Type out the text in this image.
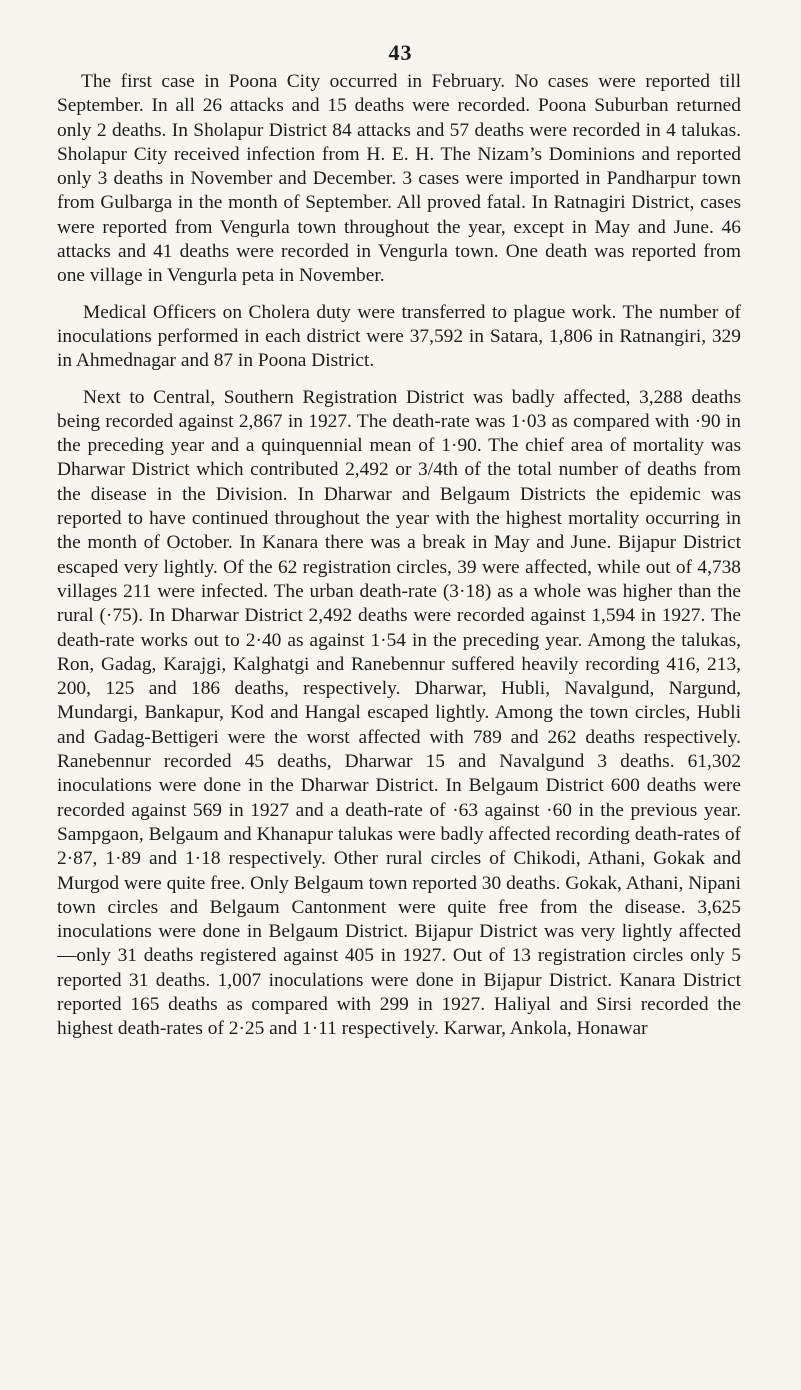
43

The first case in Poona City occurred in February. No cases were reported till September. In all 26 attacks and 15 deaths were recorded. Poona Suburban returned only 2 deaths. In Sholapur District 84 attacks and 57 deaths were recorded in 4 talukas. Sholapur City received infection from H. E. H. The Nizam’s Dominions and reported only 3 deaths in November and December. 3 cases were imported in Pandharpur town from Gulbarga in the month of September. All proved fatal. In Ratnagiri District, cases were reported from Vengurla town throughout the year, except in May and June. 46 attacks and 41 deaths were recorded in Vengurla town. One death was reported from one village in Vengurla peta in November.

Medical Officers on Cholera duty were transferred to plague work. The number of inoculations performed in each district were 37,592 in Satara, 1,806 in Ratnangiri, 329 in Ahmednagar and 87 in Poona District.

Next to Central, Southern Registration District was badly affected, 3,288 deaths being recorded against 2,867 in 1927. The death-rate was 1·03 as compared with ·90 in the preceding year and a quinquennial mean of 1·90. The chief area of mortality was Dharwar District which contributed 2,492 or 3/4th of the total number of deaths from the disease in the Division. In Dharwar and Belgaum Districts the epidemic was reported to have continued throughout the year with the highest mortality occurring in the month of October. In Kanara there was a break in May and June. Bijapur District escaped very lightly. Of the 62 registration circles, 39 were affected, while out of 4,738 villages 211 were infected. The urban death-rate (3·18) as a whole was higher than the rural (·75). In Dharwar District 2,492 deaths were recorded against 1,594 in 1927. The death-rate works out to 2·40 as against 1·54 in the preceding year. Among the talukas, Ron, Gadag, Karajgi, Kalghatgi and Ranebennur suffered heavily recording 416, 213, 200, 125 and 186 deaths, respectively. Dharwar, Hubli, Navalgund, Nargund, Mundargi, Bankapur, Kod and Hangal escaped lightly. Among the town circles, Hubli and Gadag-Bettigeri were the worst affected with 789 and 262 deaths respectively. Ranebennur recorded 45 deaths, Dharwar 15 and Navalgund 3 deaths. 61,302 inoculations were done in the Dharwar District. In Belgaum District 600 deaths were recorded against 569 in 1927 and a death-rate of ·63 against ·60 in the previous year. Sampgaon, Belgaum and Khanapur talukas were badly affected recording death-rates of 2·87, 1·89 and 1·18 respectively. Other rural circles of Chikodi, Athani, Gokak and Murgod were quite free. Only Belgaum town reported 30 deaths. Gokak, Athani, Nipani town circles and Belgaum Cantonment were quite free from the disease. 3,625 inoculations were done in Belgaum District. Bijapur District was very lightly affected—only 31 deaths registered against 405 in 1927. Out of 13 registration circles only 5 reported 31 deaths. 1,007 inoculations were done in Bijapur District. Kanara District reported 165 deaths as compared with 299 in 1927. Haliyal and Sirsi recorded the highest death-rates of 2·25 and 1·11 respectively. Karwar, Ankola, Honawar
